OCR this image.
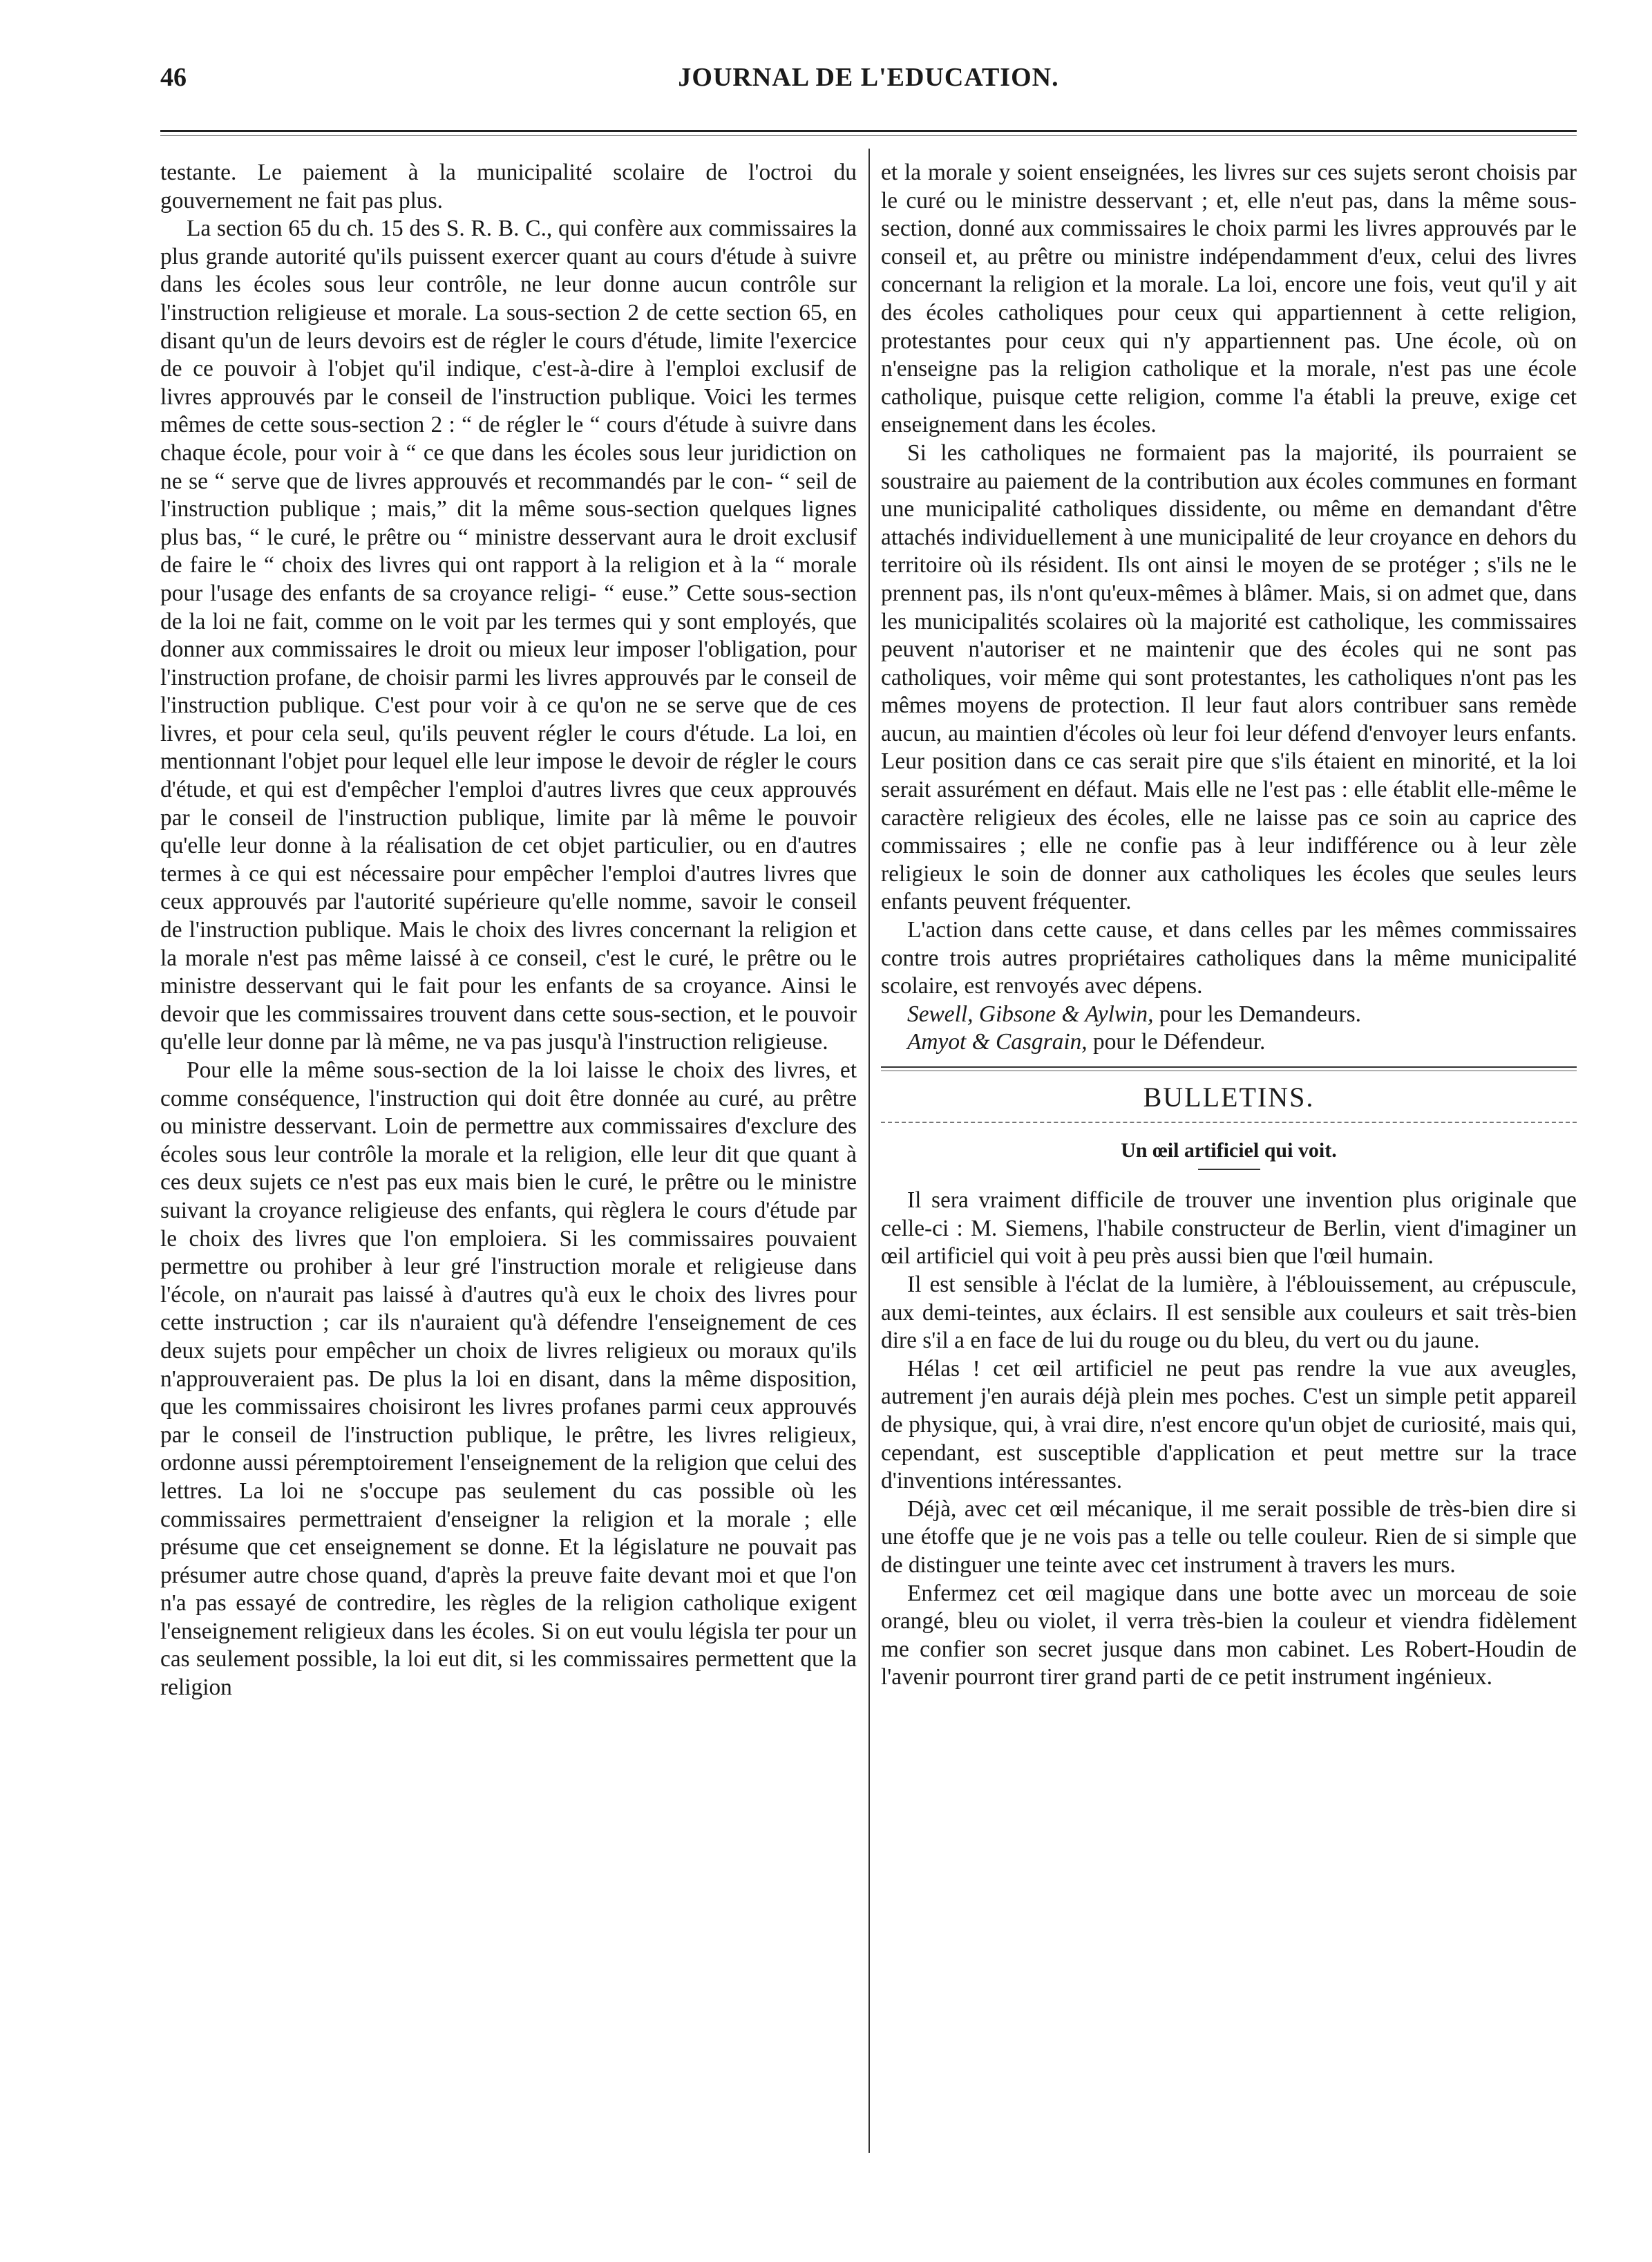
46	JOURNAL DE L'EDUCATION.

testante. Le paiement à la municipalité scolaire de l'octroi du gouvernement ne fait pas plus.

La section 65 du ch. 15 des S. R. B. C., qui confère aux commissaires la plus grande autorité qu'ils puissent exercer quant au cours d'étude à suivre dans les écoles sous leur contrôle, ne leur donne aucun contrôle sur l'instruction religieuse et morale. La sous-section 2 de cette section 65, en disant qu'un de leurs devoirs est de régler le cours d'étude, limite l'exercice de ce pouvoir à l'objet qu'il indique, c'est-à-dire à l'emploi exclusif de livres approuvés par le conseil de l'instruction publique. Voici les termes mêmes de cette sous-section 2 : “ de régler le “ cours d'étude à suivre dans chaque école, pour voir à “ ce que dans les écoles sous leur juridiction on ne se “ serve que de livres approuvés et recommandés par le con- “ seil de l'instruction publique ; mais,” dit la même sous-section quelques lignes plus bas, “ le curé, le prêtre ou “ ministre desservant aura le droit exclusif de faire le “ choix des livres qui ont rapport à la religion et à la “ morale pour l'usage des enfants de sa croyance religi- “ euse.” Cette sous-section de la loi ne fait, comme on le voit par les termes qui y sont employés, que donner aux commissaires le droit ou mieux leur imposer l'obligation, pour l'instruction profane, de choisir parmi les livres approuvés par le conseil de l'instruction publique. C'est pour voir à ce qu'on ne se serve que de ces livres, et pour cela seul, qu'ils peuvent régler le cours d'étude. La loi, en mentionnant l'objet pour lequel elle leur impose le devoir de régler le cours d'étude, et qui est d'empêcher l'emploi d'autres livres que ceux approuvés par le conseil de l'instruction publique, limite par là même le pouvoir qu'elle leur donne à la réalisation de cet objet particulier, ou en d'autres termes à ce qui est nécessaire pour empêcher l'emploi d'autres livres que ceux approuvés par l'autorité supérieure qu'elle nomme, savoir le conseil de l'instruction publique. Mais le choix des livres concernant la religion et la morale n'est pas même laissé à ce conseil, c'est le curé, le prêtre ou le ministre desservant qui le fait pour les enfants de sa croyance. Ainsi le devoir que les commissaires trouvent dans cette sous-section, et le pouvoir qu'elle leur donne par là même, ne va pas jusqu'à l'instruction religieuse.

Pour elle la même sous-section de la loi laisse le choix des livres, et comme conséquence, l'instruction qui doit être donnée au curé, au prêtre ou ministre desservant. Loin de permettre aux commissaires d'exclure des écoles sous leur contrôle la morale et la religion, elle leur dit que quant à ces deux sujets ce n'est pas eux mais bien le curé, le prêtre ou le ministre suivant la croyance religieuse des enfants, qui règlera le cours d'étude par le choix des livres que l'on emploiera. Si les commissaires pouvaient permettre ou prohiber à leur gré l'instruction morale et religieuse dans l'école, on n'aurait pas laissé à d'autres qu'à eux le choix des livres pour cette instruction ; car ils n'auraient qu'à défendre l'enseignement de ces deux sujets pour empêcher un choix de livres religieux ou moraux qu'ils n'approuveraient pas. De plus la loi en disant, dans la même disposition, que les commissaires choisiront les livres profanes parmi ceux approuvés par le conseil de l'instruction publique, le prêtre, les livres religieux, ordonne aussi péremptoirement l'enseignement de la religion que celui des lettres. La loi ne s'occupe pas seulement du cas possible où les commissaires permettraient d'enseigner la religion et la morale ; elle présume que cet enseignement se donne. Et la législature ne pouvait pas présumer autre chose quand, d'après la preuve faite devant moi et que l'on n'a pas essayé de contredire, les règles de la religion catholique exigent l'enseignement religieux dans les écoles. Si on eut voulu législa ter pour un cas seulement possible, la loi eut dit, si les commissaires permettent que la religion

et la morale y soient enseignées, les livres sur ces sujets seront choisis par le curé ou le ministre desservant ; et, elle n'eut pas, dans la même sous-section, donné aux commissaires le choix parmi les livres approuvés par le conseil et, au prêtre ou ministre indépendamment d'eux, celui des livres concernant la religion et la morale. La loi, encore une fois, veut qu'il y ait des écoles catholiques pour ceux qui appartiennent à cette religion, protestantes pour ceux qui n'y appartiennent pas. Une école, où on n'enseigne pas la religion catholique et la morale, n'est pas une école catholique, puisque cette religion, comme l'a établi la preuve, exige cet enseignement dans les écoles.

Si les catholiques ne formaient pas la majorité, ils pourraient se soustraire au paiement de la contribution aux écoles communes en formant une municipalité catholiques dissidente, ou même en demandant d'être attachés individuellement à une municipalité de leur croyance en dehors du territoire où ils résident. Ils ont ainsi le moyen de se protéger ; s'ils ne le prennent pas, ils n'ont qu'eux-mêmes à blâmer. Mais, si on admet que, dans les municipalités scolaires où la majorité est catholique, les commissaires peuvent n'autoriser et ne maintenir que des écoles qui ne sont pas catholiques, voir même qui sont protestantes, les catholiques n'ont pas les mêmes moyens de protection. Il leur faut alors contribuer sans remède aucun, au maintien d'écoles où leur foi leur défend d'envoyer leurs enfants. Leur position dans ce cas serait pire que s'ils étaient en minorité, et la loi serait assurément en défaut. Mais elle ne l'est pas : elle établit elle-même le caractère religieux des écoles, elle ne laisse pas ce soin au caprice des commissaires ; elle ne confie pas à leur indifférence ou à leur zèle religieux le soin de donner aux catholiques les écoles que seules leurs enfants peuvent fréquenter.

L'action dans cette cause, et dans celles par les mêmes commissaires contre trois autres propriétaires catholiques dans la même municipalité scolaire, est renvoyés avec dépens.

Sewell, Gibsone & Aylwin, pour les Demandeurs.
Amyot & Casgrain, pour le Défendeur.
BULLETINS.
Un œil artificiel qui voit.

Il sera vraiment difficile de trouver une invention plus originale que celle-ci : M. Siemens, l'habile constructeur de Berlin, vient d'imaginer un œil artificiel qui voit à peu près aussi bien que l'œil humain.

Il est sensible à l'éclat de la lumière, à l'éblouissement, au crépuscule, aux demi-teintes, aux éclairs. Il est sensible aux couleurs et sait très-bien dire s'il a en face de lui du rouge ou du bleu, du vert ou du jaune.

Hélas ! cet œil artificiel ne peut pas rendre la vue aux aveugles, autrement j'en aurais déjà plein mes poches. C'est un simple petit appareil de physique, qui, à vrai dire, n'est encore qu'un objet de curiosité, mais qui, cependant, est susceptible d'application et peut mettre sur la trace d'inventions intéressantes.

Déjà, avec cet œil mécanique, il me serait possible de très-bien dire si une étoffe que je ne vois pas a telle ou telle couleur. Rien de si simple que de distinguer une teinte avec cet instrument à travers les murs.

Enfermez cet œil magique dans une botte avec un morceau de soie orangé, bleu ou violet, il verra très-bien la couleur et viendra fidèlement me confier son secret jusque dans mon cabinet. Les Robert-Houdin de l'avenir pourront tirer grand parti de ce petit instrument ingénieux.
